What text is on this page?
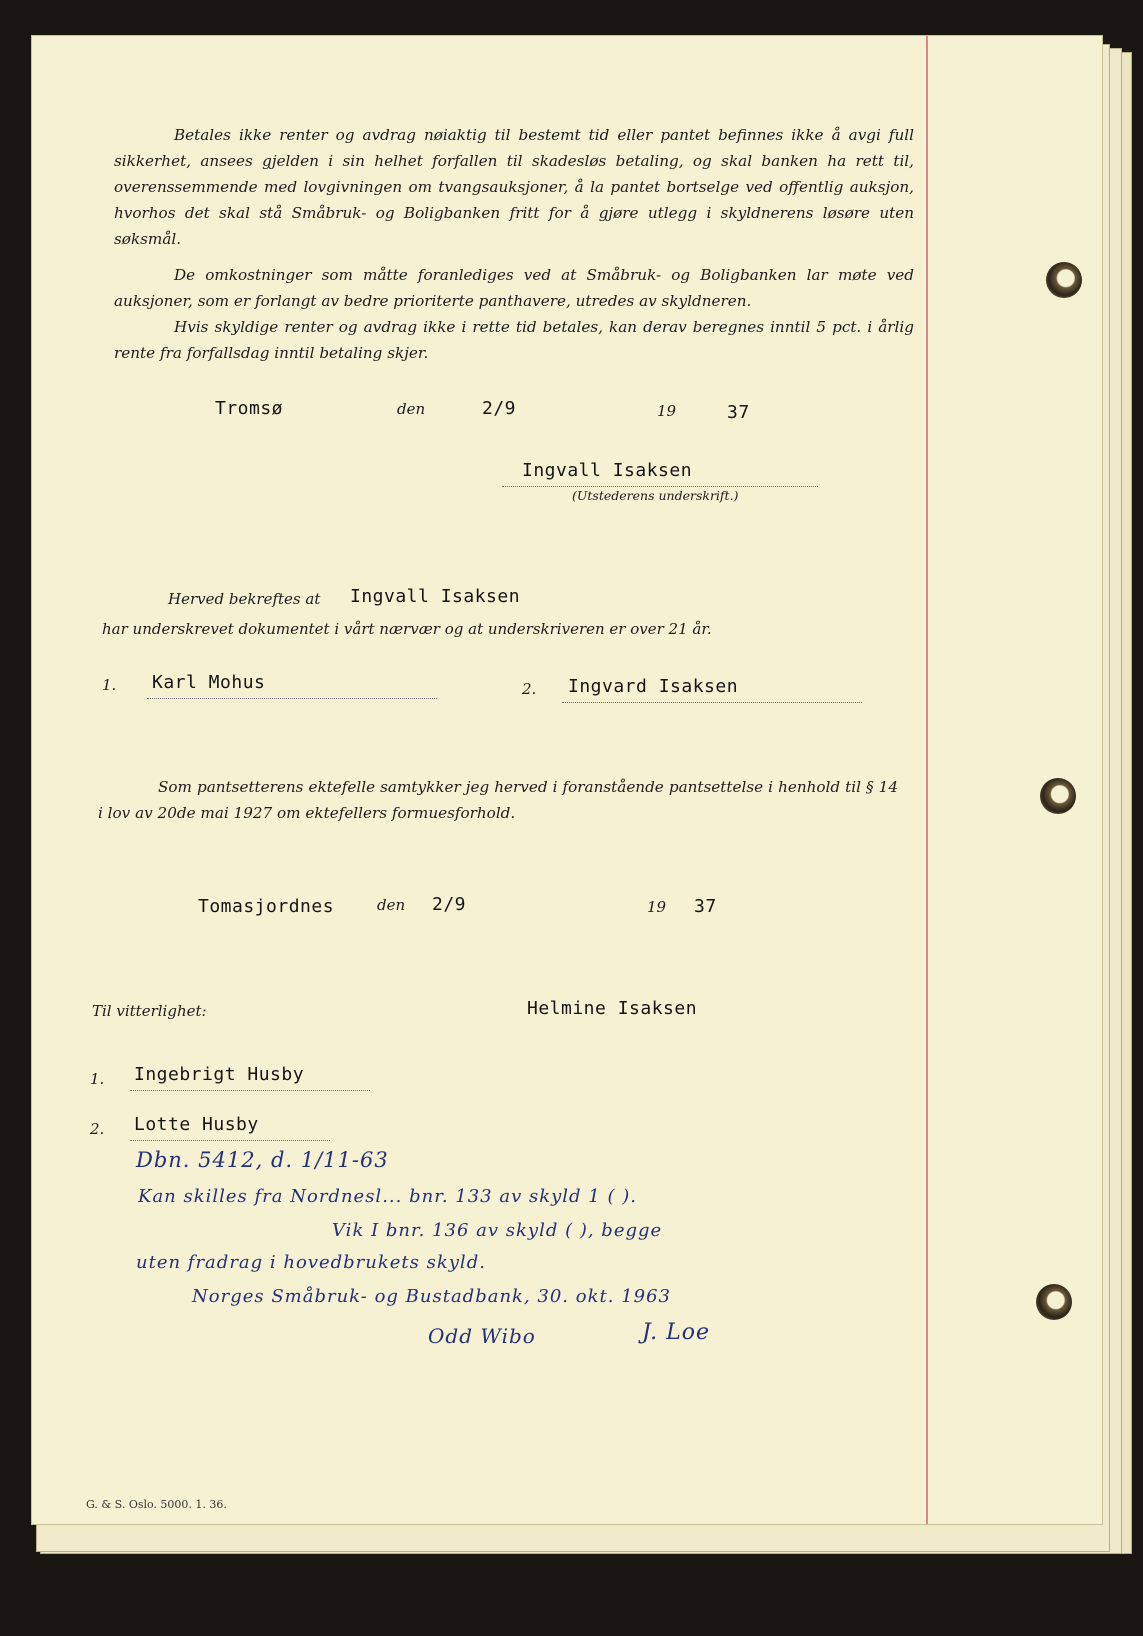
Betales ikke renter og avdrag nøiaktig til bestemt tid eller pantet befinnes ikke å avgi full sikkerhet, ansees gjelden i sin helhet forfallen til skadesløs betaling, og skal banken ha rett til, overenssemmende med lovgivningen om tvangsauksjoner, å la pantet bortselge ved offentlig auksjon, hvorhos det skal stå Småbruk- og Boligbanken fritt for å gjøre utlegg i skyldnerens løsøre uten søksmål.
De omkostninger som måtte foranlediges ved at Småbruk- og Boligbanken lar møte ved auksjoner, som er forlangt av bedre prioriterte panthavere, utredes av skyldneren.
Hvis skyldige renter og avdrag ikke i rette tid betales, kan derav beregnes inntil 5 pct. i årlig rente fra forfallsdag inntil betaling skjer.
Tromsø	den	2/9	19	37
Ingvall Isaksen
(Utstederens underskrift.)
Herved bekreftes at Ingvall Isaksen
har underskrevet dokumentet i vårt nærvær og at underskriveren er over 21 år.
1. Karl Mohus	2. Ingvard Isaksen
Som pantsetterens ektefelle samtykker jeg herved i foranstående pantsettelse i henhold til § 14 i lov av 20de mai 1927 om ektefellers formuesforhold.
Tomasjordnes	den 2/9	19 37
Til vitterlighet:	Helmine Isaksen
1. Ingebrigt Husby
2. Lotte Husby
Dbn. 5412, d. 1/11-63
Kan skilles fra Nordnesl... bnr. 133 av skyld 1 ( ).
Vik I bnr. 136 av skyld ( ), begge
uten fradrag i hovedbrukets skyld.
Norges Småbruk- og Bustadbank, 30. okt. 1963
Odd Wibo	J. Loe
G. & S. Oslo. 5000. 1. 36.
